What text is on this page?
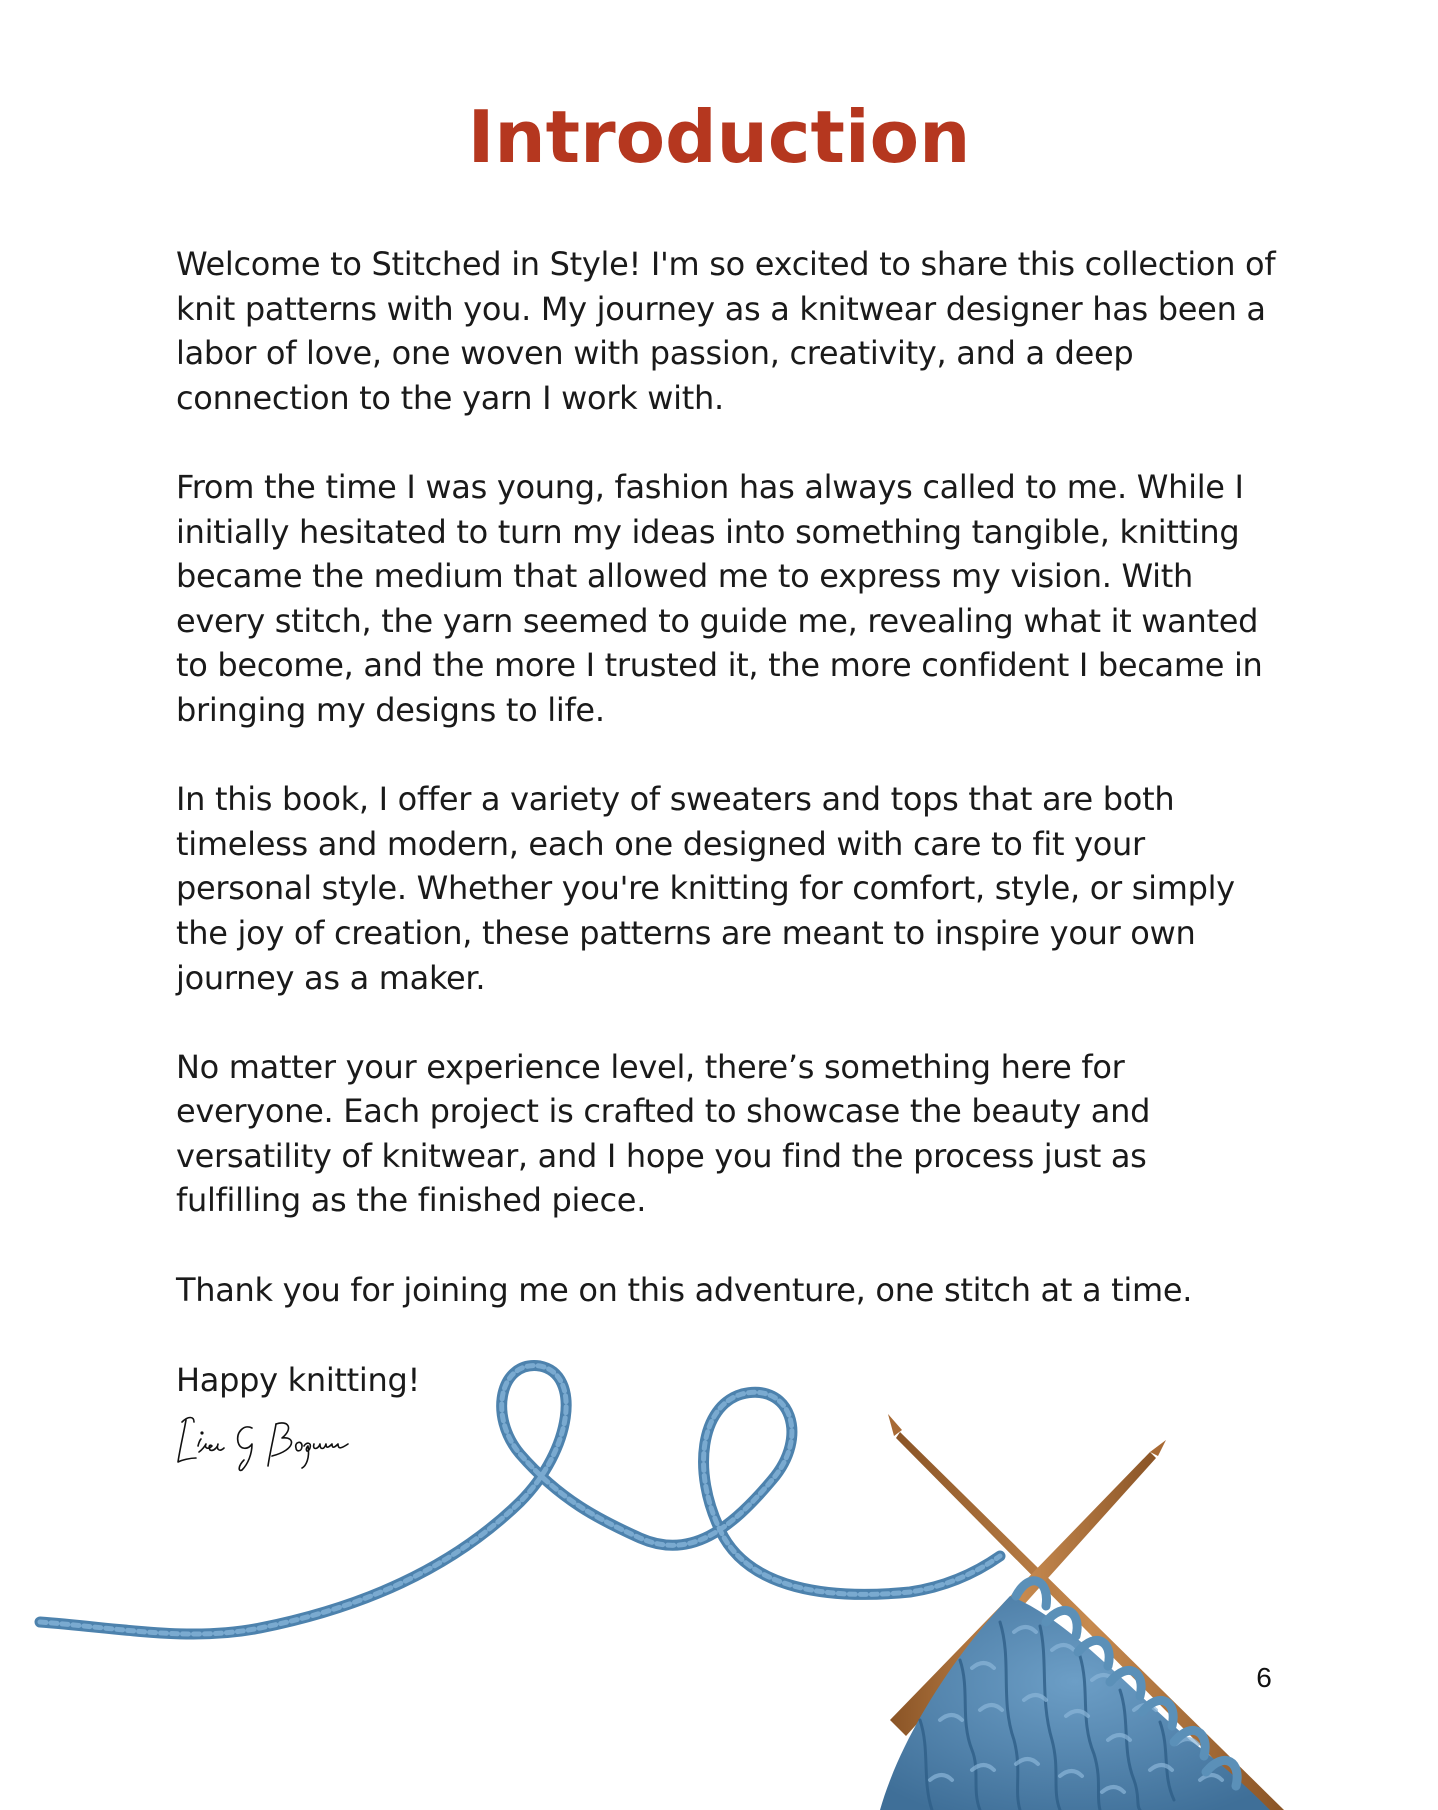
Introduction

Welcome to Stitched in Style! I'm so excited to share this collection of knit patterns with you. My journey as a knitwear designer has been a labor of love, one woven with passion, creativity, and a deep connection to the yarn I work with.

From the time I was young, fashion has always called to me. While I initially hesitated to turn my ideas into something tangible, knitting became the medium that allowed me to express my vision. With every stitch, the yarn seemed to guide me, revealing what it wanted to become, and the more I trusted it, the more confident I became in bringing my designs to life.

In this book, I offer a variety of sweaters and tops that are both timeless and modern, each one designed with care to fit your personal style. Whether you're knitting for comfort, style, or simply the joy of creation, these patterns are meant to inspire your own journey as a maker.

No matter your experience level, there’s something here for everyone. Each project is crafted to showcase the beauty and versatility of knitwear, and I hope you find the process just as fulfilling as the finished piece.

Thank you for joining me on this adventure, one stitch at a time.

Happy knitting!

6
